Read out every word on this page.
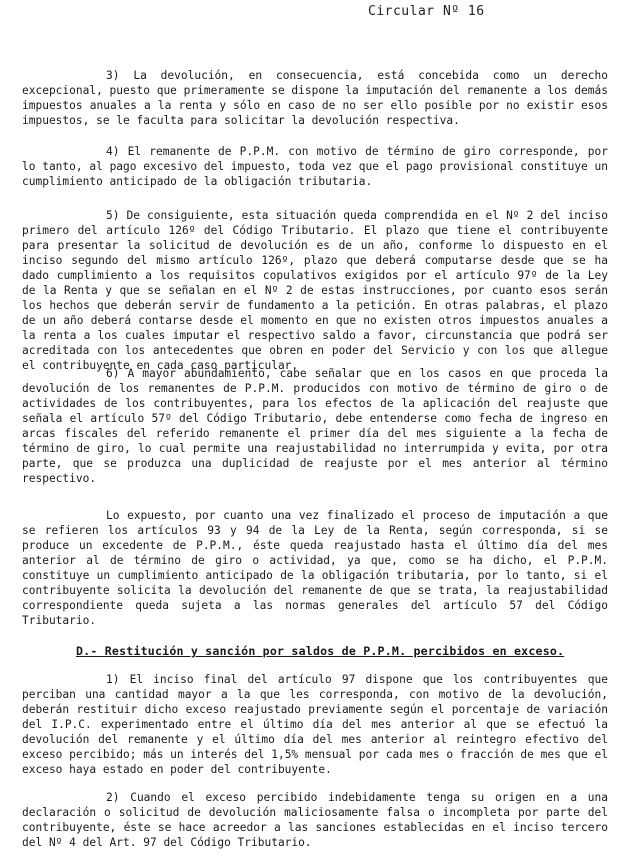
Circular Nº 16

3) La devolución, en consecuencia, está concebida como un derecho excepcional, puesto que primeramente se dispone la imputación del remanente a los demás impuestos anuales a la renta y sólo en caso de no ser ello posible por no existir esos impuestos, se le faculta para solicitar la devolución respectiva.

4) El remanente de P.P.M. con motivo de término de giro corresponde, por lo tanto, al pago excesivo del impuesto, toda vez que el pago provisional constituye un cumplimiento anticipado de la obligación tributaria.

5) De consiguiente, esta situación queda comprendida en el Nº 2 del inciso primero del artículo 126º del Código Tributario. El plazo que tiene el contribuyente para presentar la solicitud de devolución es de un año, conforme lo dispuesto en el inciso segundo del mismo artículo 126º, plazo que deberá computarse desde que se ha dado cumplimiento a los requisitos copulativos exigidos por el artículo 97º de la Ley de la Renta y que se señalan en el Nº 2 de estas instrucciones, por cuanto esos serán los hechos que deberán servir de fundamento a la petición. En otras palabras, el plazo de un año deberá contarse desde el momento en que no existen otros impuestos anuales a la renta a los cuales imputar el respectivo saldo a favor, circunstancia que podrá ser acreditada con los antecedentes que obren en poder del Servicio y con los que allegue el contribuyente en cada caso particular.

6) A mayor abundamiento, cabe señalar que en los casos en que proceda la devolución de los remanentes de P.P.M. producidos con motivo de término de giro o de actividades de los contribuyentes, para los efectos de la aplicación del reajuste que señala el artículo 57º del Código Tributario, debe entenderse como fecha de ingreso en arcas fiscales del referido remanente el primer día del mes siguiente a la fecha de término de giro, lo cual permite una reajustabilidad no interrumpida y evita, por otra parte, que se produzca una duplicidad de reajuste por el mes anterior al término respectivo.

Lo expuesto, por cuanto una vez finalizado el proceso de imputación a que se refieren los artículos 93 y 94 de la Ley de la Renta, según corresponda, si se produce un excedente de P.P.M., éste queda reajustado hasta el último día del mes anterior al de término de giro o actividad, ya que, como se ha dicho, el P.P.M. constituye un cumplimiento anticipado de la obligación tributaria, por lo tanto, si el contribuyente solicita la devolución del remanente de que se trata, la reajustabilidad correspondiente queda sujeta a las normas generales del artículo 57 del Código Tributario.

D.- Restitución y sanción por saldos de P.P.M. percibidos en exceso.

1) El inciso final del artículo 97 dispone que los contribuyentes que perciban una cantidad mayor a la que les corresponda, con motivo de la devolución, deberán restituir dicho exceso reajustado previamente según el porcentaje de variación del I.P.C. experimentado entre el último día del mes anterior al que se efectuó la devolución del remanente y el último día del mes anterior al reintegro efectivo del exceso percibido; más un interés del 1,5% mensual por cada mes o fracción de mes que el exceso haya estado en poder del contribuyente.

2) Cuando el exceso percibido indebidamente tenga su origen en a una declaración o solicitud de devolución maliciosamente falsa o incompleta por parte del contribuyente, éste se hace acreedor a las sanciones establecidas en el inciso tercero del Nº 4 del Art. 97 del Código Tributario.
